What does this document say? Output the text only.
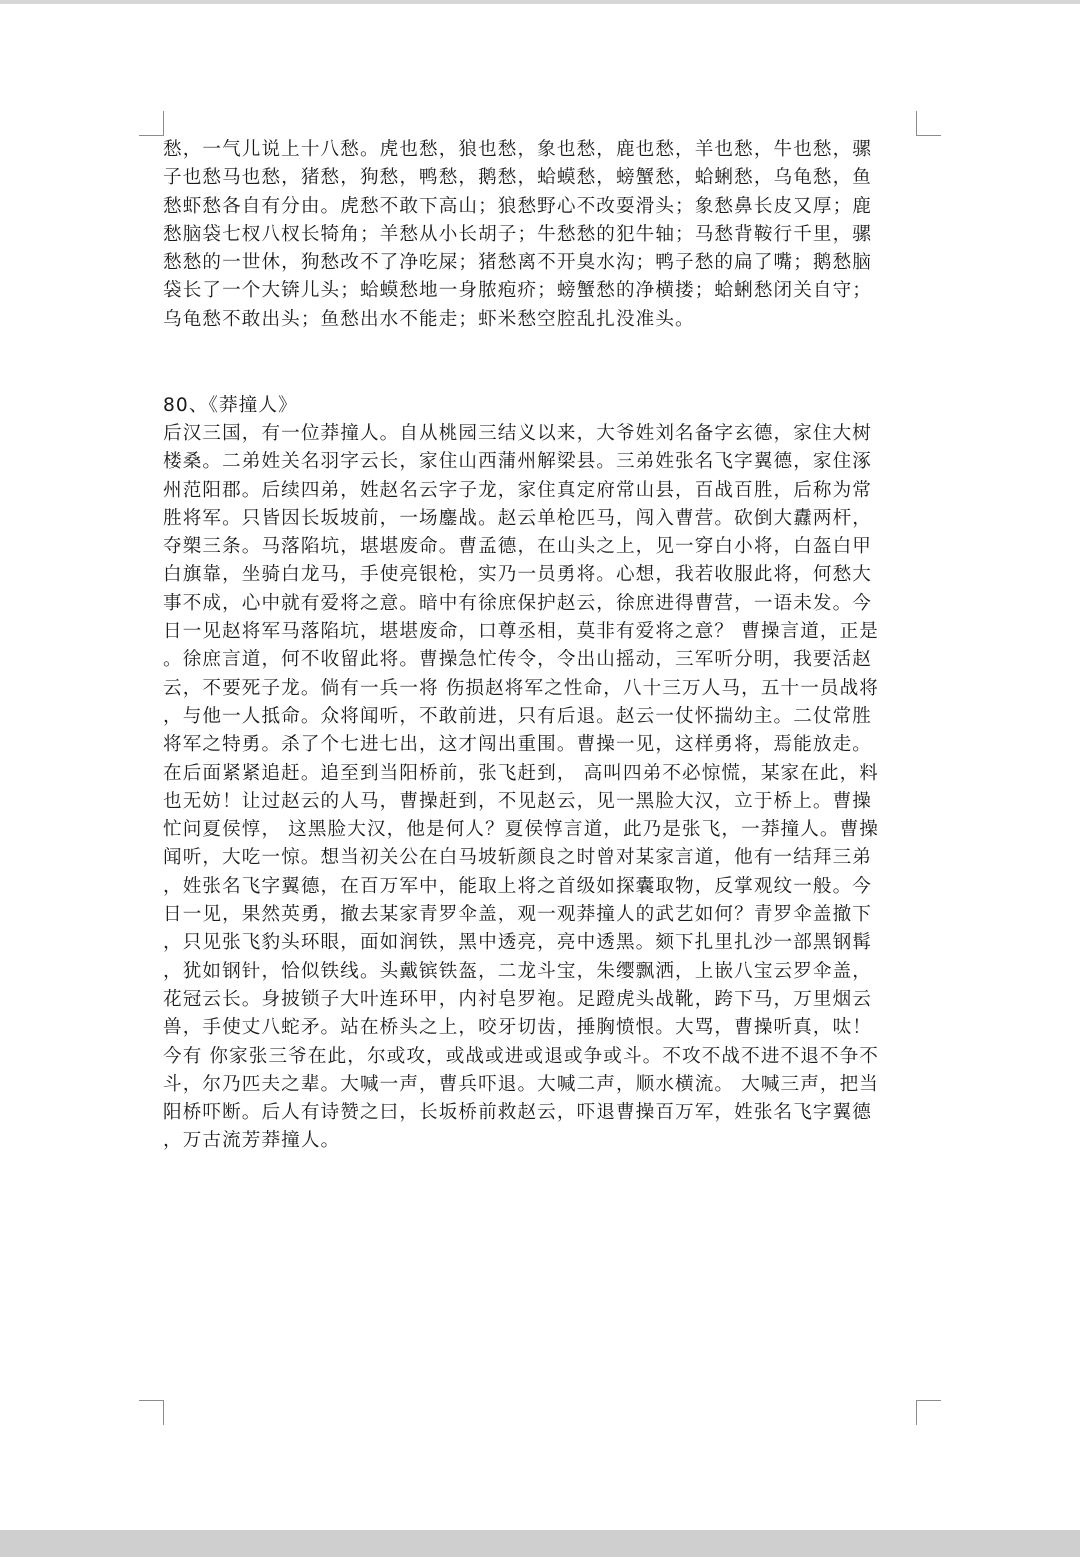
愁，一气儿说上十八愁。虎也愁，狼也愁，象也愁，鹿也愁，羊也愁，牛也愁，骡
子也愁马也愁，猪愁，狗愁，鸭愁，鹅愁，蛤蟆愁，螃蟹愁，蛤蜊愁，乌龟愁，鱼
愁虾愁各自有分由。虎愁不敢下高山；狼愁野心不改耍滑头；象愁鼻长皮又厚；鹿
愁脑袋七杈八杈长犄角；羊愁从小长胡子；牛愁愁的犯牛轴；马愁背鞍行千里，骡
愁愁的一世休，狗愁改不了净吃屎；猪愁离不开臭水沟；鸭子愁的扁了嘴；鹅愁脑
袋长了一个大锛儿头；蛤蟆愁地一身脓疱疥；螃蟹愁的净横搂；蛤蜊愁闭关自守；
乌龟愁不敢出头；鱼愁出水不能走；虾米愁空腔乱扎没准头。
80、《莽撞人》
后汉三国，有一位莽撞人。自从桃园三结义以来，大爷姓刘名备字玄德，家住大树
楼桑。二弟姓关名羽字云长，家住山西蒲州解梁县。三弟姓张名飞字翼德，家住涿
州范阳郡。后续四弟，姓赵名云字子龙，家住真定府常山县，百战百胜，后称为常
胜将军。只皆因长坂坡前，一场鏖战。赵云单枪匹马，闯入曹营。砍倒大纛两杆，
夺槊三条。马落陷坑，堪堪废命。曹孟德，在山头之上，见一穿白小将，白盔白甲
白旗靠，坐骑白龙马，手使亮银枪，实乃一员勇将。心想，我若收服此将，何愁大
事不成，心中就有爱将之意。暗中有徐庶保护赵云，徐庶进得曹营，一语未发。今
日一见赵将军马落陷坑，堪堪废命，口尊丞相，莫非有爱将之意？ 曹操言道，正是
。徐庶言道，何不收留此将。曹操急忙传令，令出山摇动，三军听分明，我要活赵
云，不要死子龙。倘有一兵一将 伤损赵将军之性命，八十三万人马，五十一员战将
，与他一人抵命。众将闻听，不敢前进，只有后退。赵云一仗怀揣幼主。二仗常胜
将军之特勇。杀了个七进七出，这才闯出重围。曹操一见，这样勇将，焉能放走。
在后面紧紧追赶。追至到当阳桥前，张飞赶到， 高叫四弟不必惊慌，某家在此，料
也无妨！让过赵云的人马，曹操赶到，不见赵云，见一黑脸大汉，立于桥上。曹操
忙问夏侯惇， 这黑脸大汉，他是何人？夏侯惇言道，此乃是张飞，一莽撞人。曹操
闻听，大吃一惊。想当初关公在白马坡斩颜良之时曾对某家言道，他有一结拜三弟
，姓张名飞字翼德，在百万军中，能取上将之首级如探囊取物，反掌观纹一般。今
日一见，果然英勇，撤去某家青罗伞盖，观一观莽撞人的武艺如何？青罗伞盖撤下
，只见张飞豹头环眼，面如润铁，黑中透亮，亮中透黑。颏下扎里扎沙一部黑钢髯
，犹如钢针，恰似铁线。头戴镔铁盔，二龙斗宝，朱缨飘洒，上嵌八宝云罗伞盖，
花冠云长。身披锁子大叶连环甲，内衬皂罗袍。足蹬虎头战靴，跨下马，万里烟云
兽，手使丈八蛇矛。站在桥头之上，咬牙切齿，捶胸愤恨。大骂，曹操听真，呔！
今有 你家张三爷在此，尔或攻，或战或进或退或争或斗。不攻不战不进不退不争不
斗，尔乃匹夫之辈。大喊一声，曹兵吓退。大喊二声，顺水横流。 大喊三声，把当
阳桥吓断。后人有诗赞之曰，长坂桥前救赵云，吓退曹操百万军，姓张名飞字翼德
，万古流芳莽撞人。
